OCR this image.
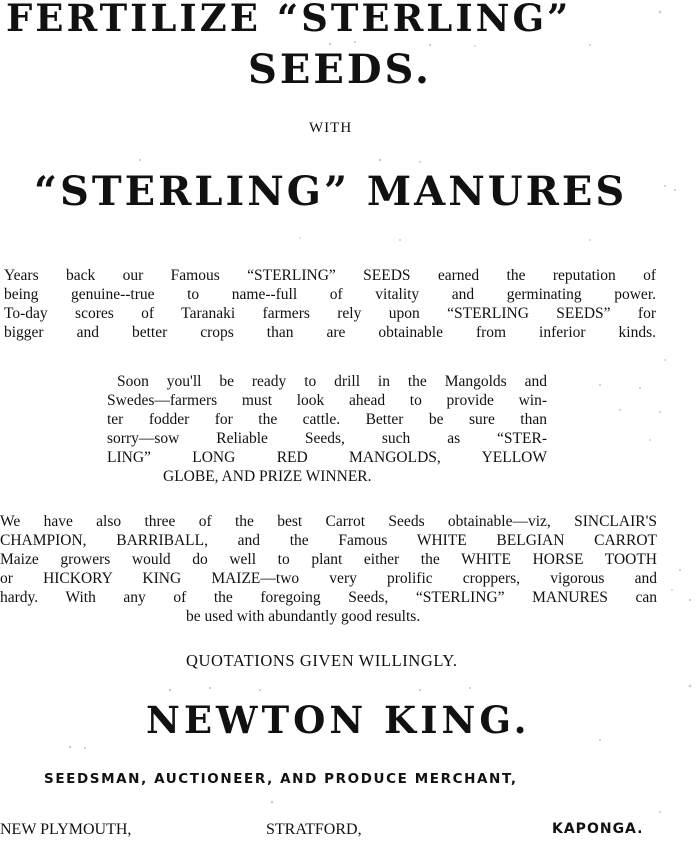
FERTILIZE “STERLING”
SEEDS.
WITH
“STERLING” MANURES
Years back our Famous “STERLING” SEEDS earned the reputation of
being genuine--true to name--full of vitality and germinating power.
To-day scores of Taranaki farmers rely upon “STERLING SEEDS” for
bigger and better crops than are obtainable from inferior kinds.
Soon you'll be ready to drill in the Mangolds and
Swedes—farmers must look ahead to provide win-
ter fodder for the cattle. Better be sure than
sorry—sow Reliable Seeds, such as “STER-
LING” LONG RED MANGOLDS, YELLOW
GLOBE, AND PRIZE WINNER.
We have also three of the best Carrot Seeds obtainable—viz, SINCLAIR'S
CHAMPION, BARRIBALL, and the Famous WHITE BELGIAN CARROT
Maize growers would do well to plant either the WHITE HORSE TOOTH
or HICKORY KING MAIZE—two very prolific croppers, vigorous and
hardy. With any of the foregoing Seeds, “STERLING” MANURES can
be used with abundantly good results.
QUOTATIONS GIVEN WILLINGLY.
NEWTON KING.
SEEDSMAN, AUCTIONEER, AND PRODUCE MERCHANT,
NEW PLYMOUTH,	STRATFORD,	KAPONGA.
